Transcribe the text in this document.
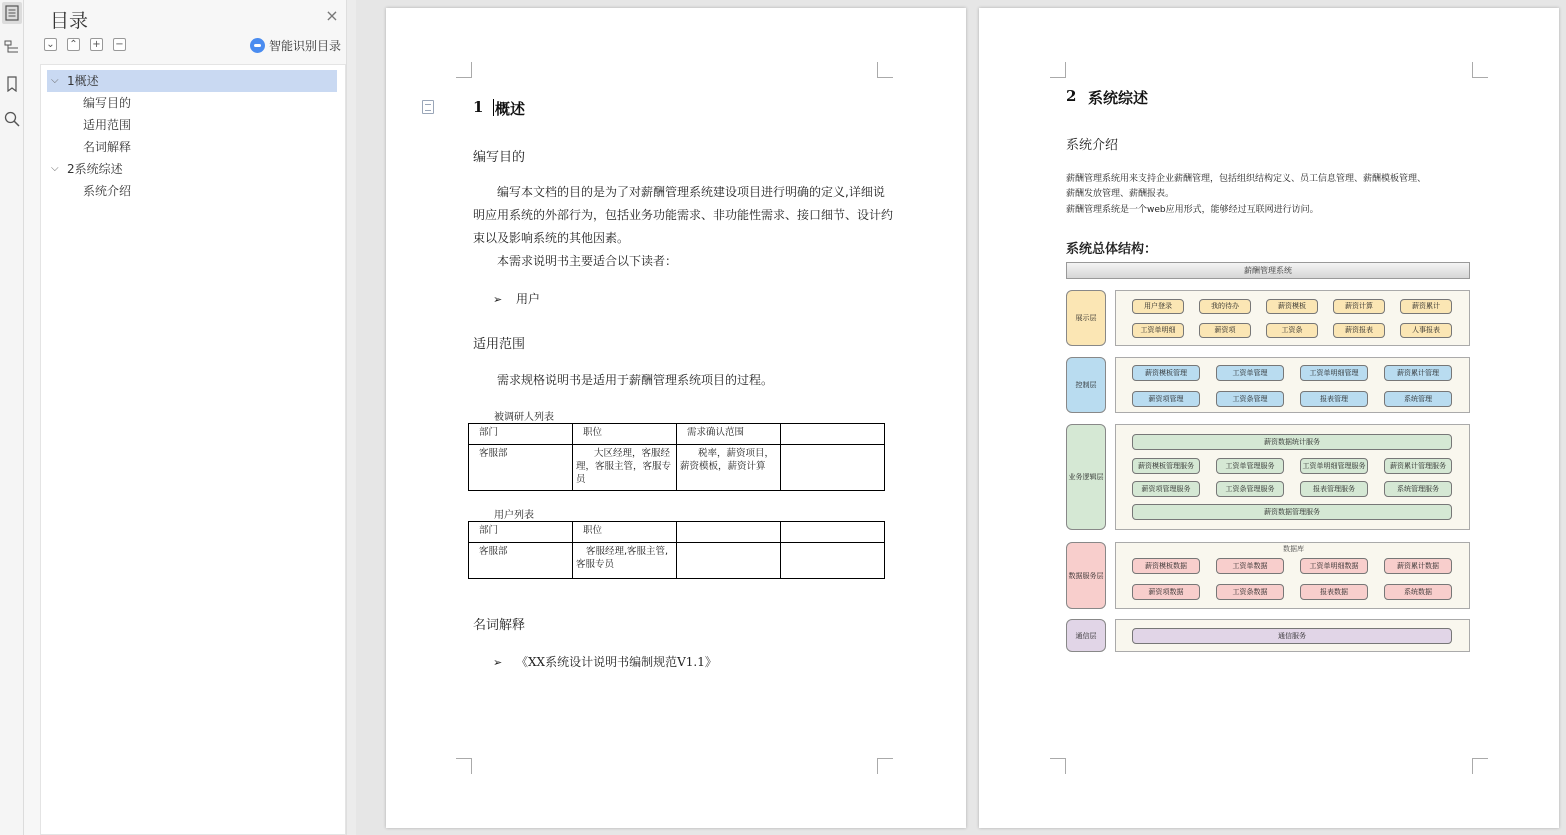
目录	×
⌄ ⌃ + −	智能识别目录
⌵ 1概述
编写目的
适用范围
名词解释
⌵ 2系统综述
系统介绍
1 概述
编写目的
编写本文档的目的是为了对薪酬管理系统建设项目进行明确的定义,详细说
明应用系统的外部行为，包括业务功能需求、非功能性需求、接口细节、设计约
束以及影响系统的其他因素。
本需求说明书主要适合以下读者：
➢ 用户
适用范围
需求规格说明书是适用于薪酬管理系统项目的过程。
被调研人列表
部门	职位	需求确认范围	
客服部	大区经理，客服经理，客服主管，客服专员	税率，薪资项目，薪资模板，薪资计算	
用户列表
部门	职位		
客服部	客服经理,客服主管,客服专员		
名词解释
➢ 《XX系统设计说明书编制规范V1.1》
2 系统综述
系统介绍
薪酬管理系统用来支持企业薪酬管理，包括组织结构定义、员工信息管理、薪酬模板管理、
薪酬发放管理、薪酬报表。
薪酬管理系统是一个web应用形式，能够经过互联网进行访问。
系统总体结构：
薪酬管理系统
展示层
用户登录	我的待办	薪资模板	薪资计算	薪资累计
工资单明细	薪资项	工资条	薪资报表	人事报表
控制层
薪资模板管理	工资单管理	工资单明细管理	薪资累计管理
薪资项管理	工资条管理	报表管理	系统管理
业务逻辑层
薪资数据统计服务
薪资模板管理服务	工资单管理服务	工资单明细管理服务	薪资累计管理服务
薪资项管理服务	工资条管理服务	报表管理服务	系统管理服务
薪资数据管理服务
数据服务层
数据库
薪资模板数据	工资单数据	工资单明细数据	薪资累计数据
薪资项数据	工资条数据	报表数据	系统数据
通信层	通信服务
